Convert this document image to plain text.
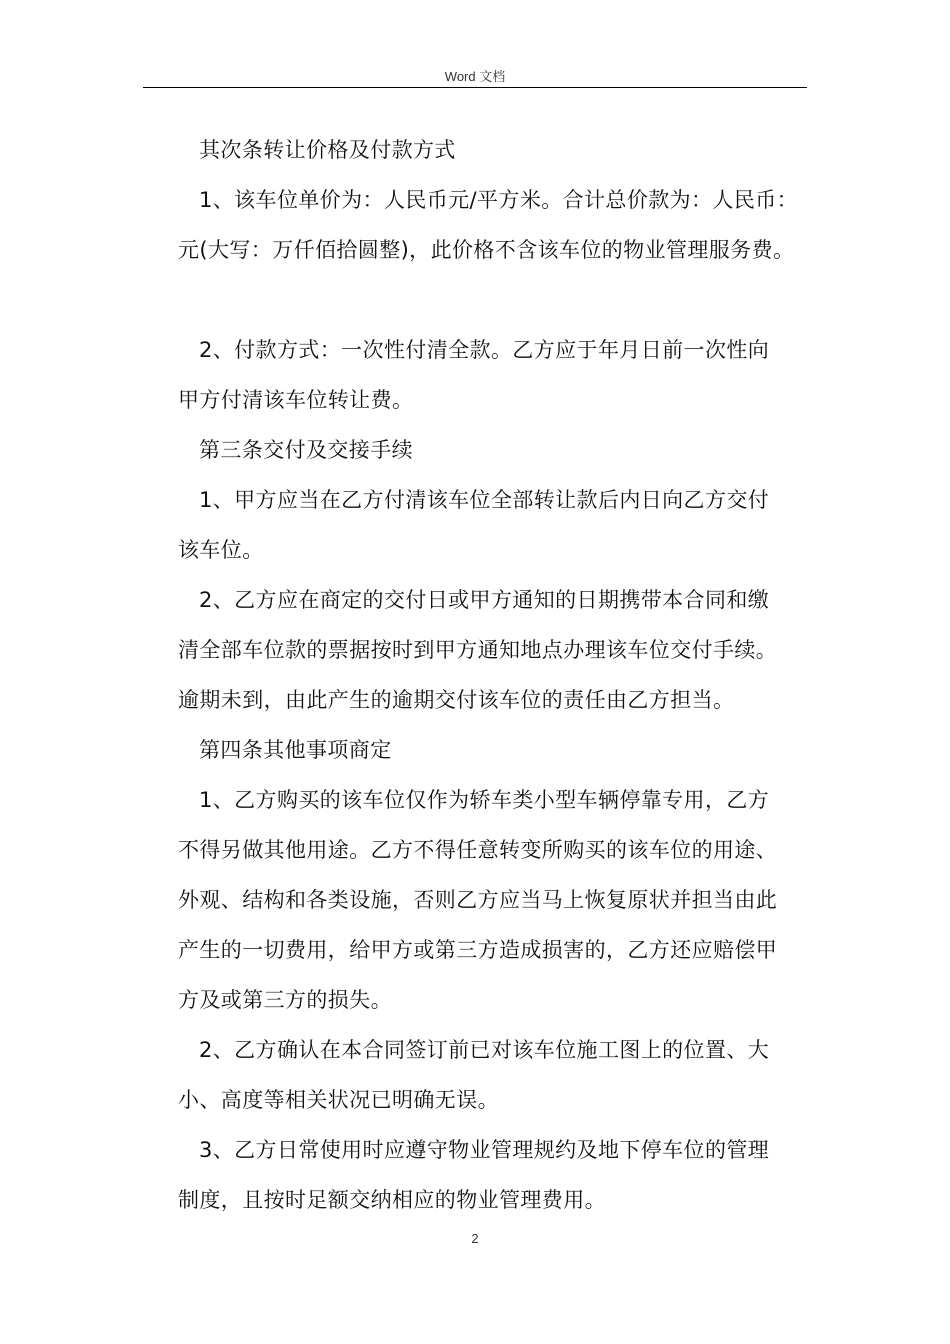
Word 文档

其次条转让价格及付款方式

1、该车位单价为：人民币元/平方米。合计总价款为：人民币：

元(大写：万仟佰拾圆整)，此价格不含该车位的物业管理服务费。

2、付款方式：一次性付清全款。乙方应于年月日前一次性向

甲方付清该车位转让费。

第三条交付及交接手续

1、甲方应当在乙方付清该车位全部转让款后内日向乙方交付

该车位。

2、乙方应在商定的交付日或甲方通知的日期携带本合同和缴

清全部车位款的票据按时到甲方通知地点办理该车位交付手续。

逾期未到，由此产生的逾期交付该车位的责任由乙方担当。

第四条其他事项商定

1、乙方购买的该车位仅作为轿车类小型车辆停靠专用，乙方

不得另做其他用途。乙方不得任意转变所购买的该车位的用途、

外观、结构和各类设施，否则乙方应当马上恢复原状并担当由此

产生的一切费用，给甲方或第三方造成损害的，乙方还应赔偿甲

方及或第三方的损失。

2、乙方确认在本合同签订前已对该车位施工图上的位置、大

小、高度等相关状况已明确无误。

3、乙方日常使用时应遵守物业管理规约及地下停车位的管理

制度，且按时足额交纳相应的物业管理费用。

2
